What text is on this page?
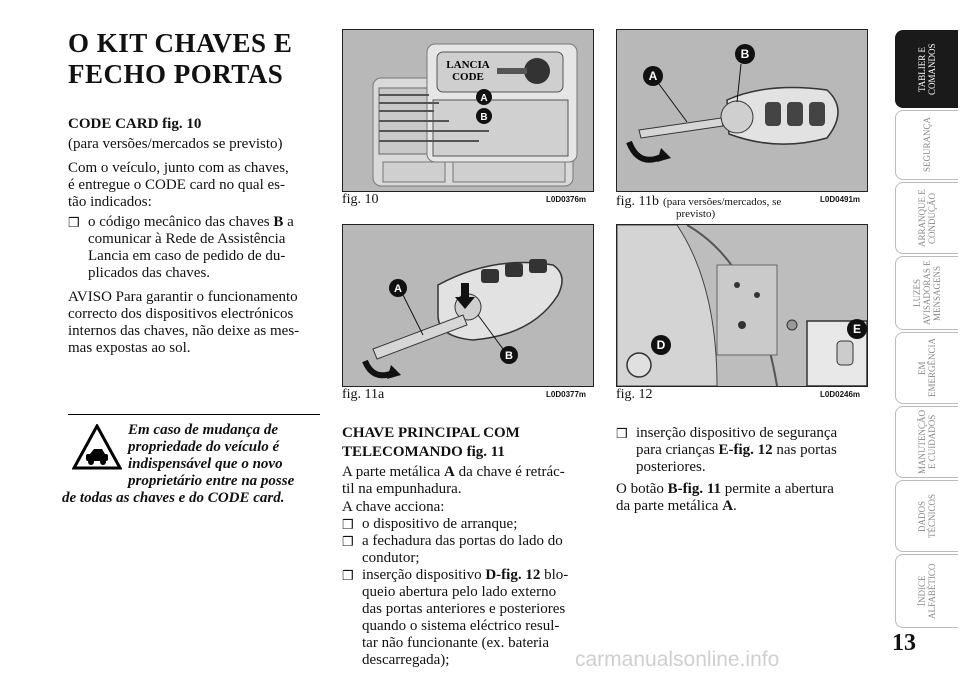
O KIT CHAVES E
FECHO PORTAS

CODE CARD fig. 10

(para versões/mercados se previsto)

Com o veículo, junto com as chaves,

é entregue o CODE card no qual es-

tão indicados:

❒ o código mecânico das chaves B a
comunicar à Rede de Assistência
Lancia em caso de pedido de du-
plicados das chaves.

AVISO Para garantir o funcionamento

correcto dos dispositivos electrónicos

internos das chaves, não deixe as mes-

mas expostas ao sol.

Em caso de mudança de
propriedade do veículo é
indispensável que o novo
proprietário entre na posse
de todas as chaves e do CODE card.
LANCIA
CODE
A
B
fig. 10	L0D0376m
A
B
fig. 11a	L0D0377m
A
B
fig. 11b (para versões/mercados, se
previsto)
L0D0491m
D
E
fig. 12	L0D0246m

CHAVE PRINCIPAL COM

TELECOMANDO fig. 11

A parte metálica A da chave é retrác-
til na empunhadura.

A chave acciona:

❒ o dispositivo de arranque;
❒ a fechadura das portas do lado do
condutor;
❒ inserção dispositivo D-fig. 12 blo-
queio abertura pelo lado externo
das portas anteriores e posteriores
quando o sistema eléctrico resul-
tar não funcionante (ex. bateria
descarregada);
❒ inserção dispositivo de segurança
para crianças E-fig. 12 nas portas
posteriores.
O botão B-fig. 11 permite a abertura
da parte metálica A.
TABLIER E COMANDOS
SEGURANÇA
ARRANQUE E CONDUÇÃO
LUZES AVISADORAS E MENSAGENS
EM EMERGÊNCIA
MANUTENÇÃO E CUIDADOS
DADOS TÉCNICOS
ÍNDICE ALFABÉTICO
13
carmanualsonline.info
